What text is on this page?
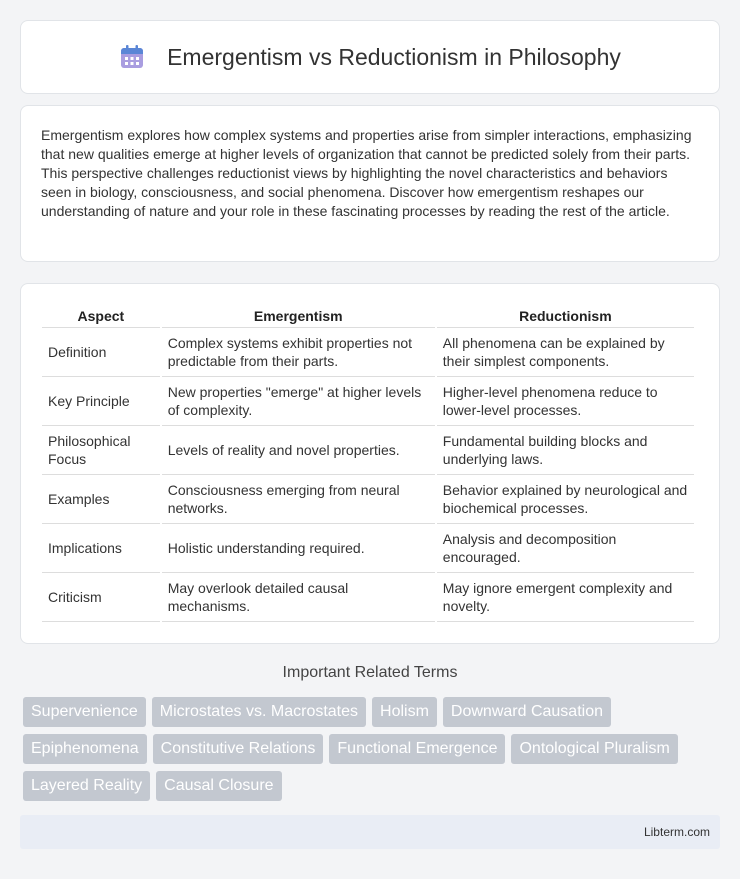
Emergentism vs Reductionism in Philosophy

Emergentism explores how complex systems and properties arise from simpler interactions, emphasizing that new qualities emerge at higher levels of organization that cannot be predicted solely from their parts. This perspective challenges reductionist views by highlighting the novel characteristics and behaviors seen in biology, consciousness, and social phenomena. Discover how emergentism reshapes our understanding of nature and your role in these fascinating processes by reading the rest of the article.

Aspect	Emergentism	Reductionism
Definition	Complex systems exhibit properties not predictable from their parts.	All phenomena can be explained by their simplest components.
Key Principle	New properties "emerge" at higher levels of complexity.	Higher-level phenomena reduce to lower-level processes.
Philosophical Focus	Levels of reality and novel properties.	Fundamental building blocks and underlying laws.
Examples	Consciousness emerging from neural networks.	Behavior explained by neurological and biochemical processes.
Implications	Holistic understanding required.	Analysis and decomposition encouraged.
Criticism	May overlook detailed causal mechanisms.	May ignore emergent complexity and novelty.
Important Related Terms
Supervenience	Microstates vs. Macrostates	Holism	Downward Causation
Epiphenomena	Constitutive Relations	Functional Emergence	Ontological Pluralism
Layered Reality	Causal Closure
Libterm.com
